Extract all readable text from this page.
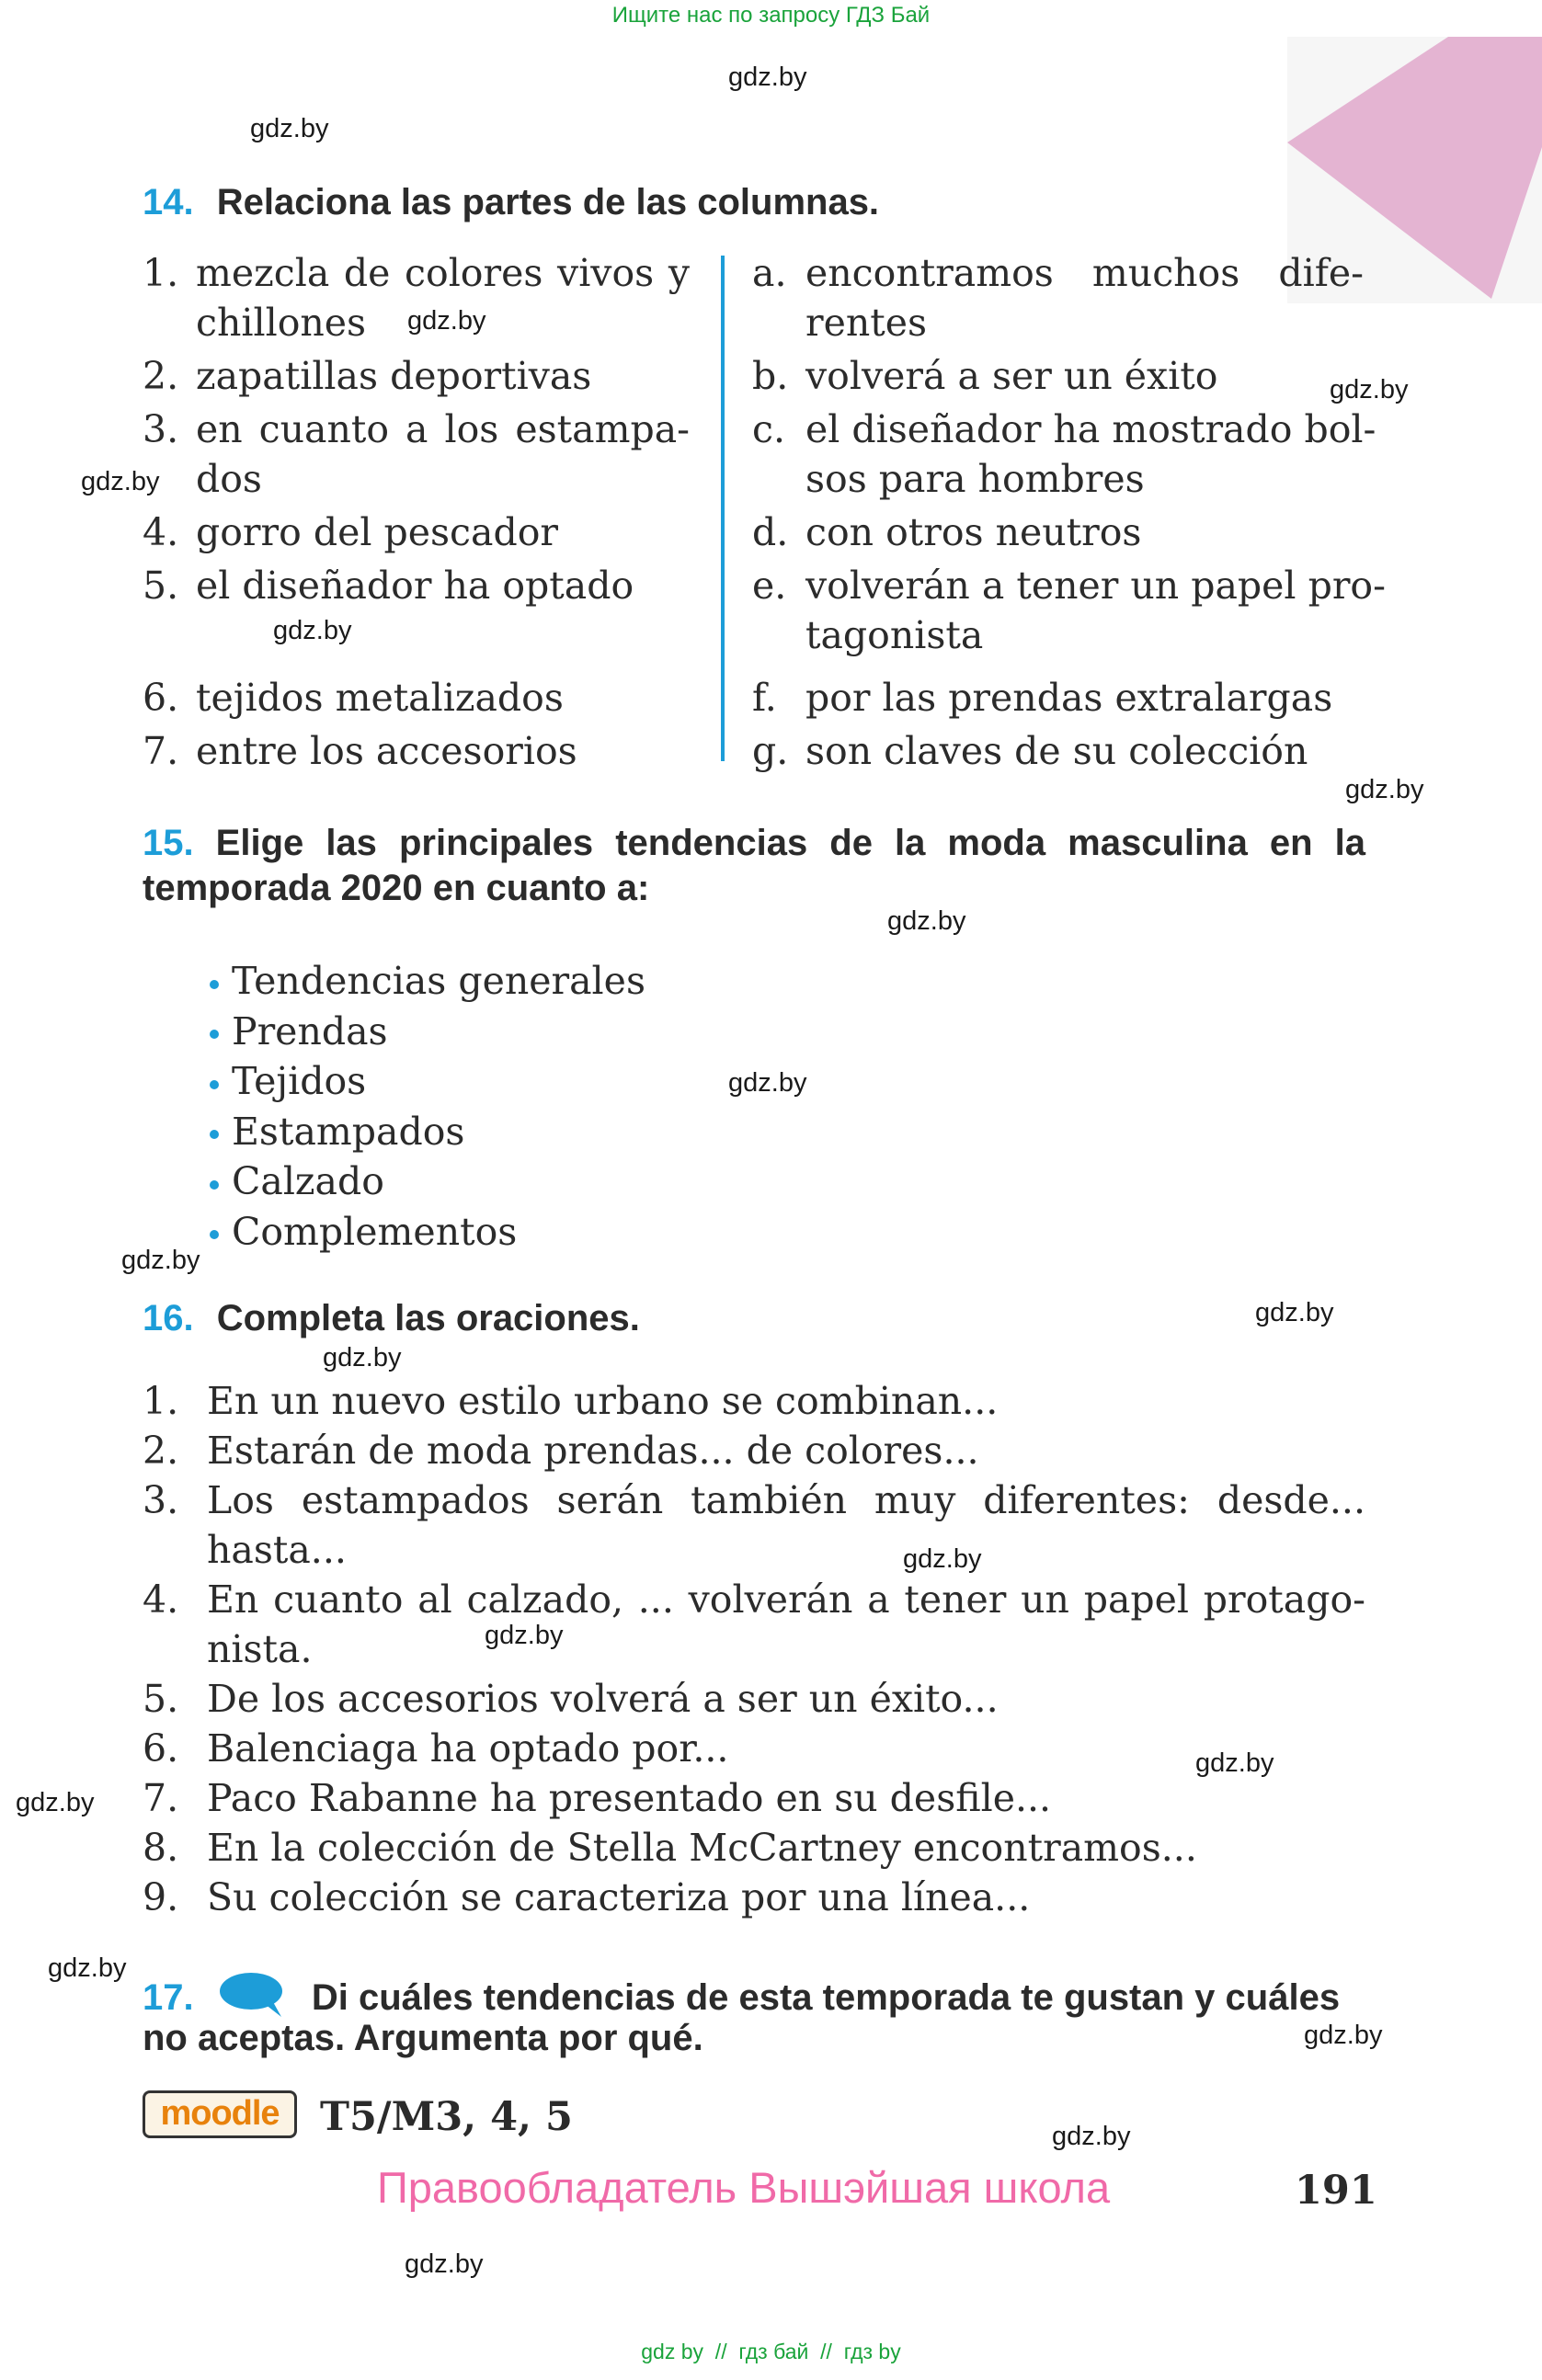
Ищите нас по запросу ГДЗ Бай
gdz.by
gdz.by
gdz.by
gdz.by
gdz.by
gdz.by
gdz.by
gdz.by
gdz.by
gdz.by
gdz.by
gdz.by
gdz.by
gdz.by
gdz.by
gdz.by
gdz.by
gdz.by
gdz.by
gdz.by
14. Relaciona las partes de las columnas.
1. mezcla de colores vivos y
chillones
2. zapatillas deportivas
3. en cuanto a los estampa-
dos
4. gorro del pescador
5. el diseñador ha optado
6. tejidos metalizados
7. entre los accesorios
a. encontramos muchos dife-
rentes
b. volverá a ser un éxito
c. el diseñador ha mostrado bol-
sos para hombres
d. con otros neutros
e. volverán a tener un papel pro-
tagonista
f. por las prendas extralargas
g. son claves de su colección
15. Elige las principales tendencias de la moda masculina en la
temporada 2020 en cuanto a:
Tendencias generales
Prendas
Tejidos
Estampados
Calzado
Complementos
16. Completa las oraciones.
1. En un nuevo estilo urbano se combinan...
2. Estarán de moda prendas... de colores...
3. Los estampados serán también muy diferentes: desde...
hasta...
4. En cuanto al calzado, ... volverán a tener un papel protago-
nista.
5. De los accesorios volverá a ser un éxito...
6. Balenciaga ha optado por...
7. Paco Rabanne ha presentado en su desfile...
8. En la colección de Stella McCartney encontramos...
9. Su colección se caracteriza por una línea...
17.	Di cuáles tendencias de esta temporada te gustan y cuáles
no aceptas. Argumenta por qué.
moodle	T5/M3, 4, 5
Правообладатель Вышэйшая школа	191
gdz by  //  гдз бай  //  гдз by
